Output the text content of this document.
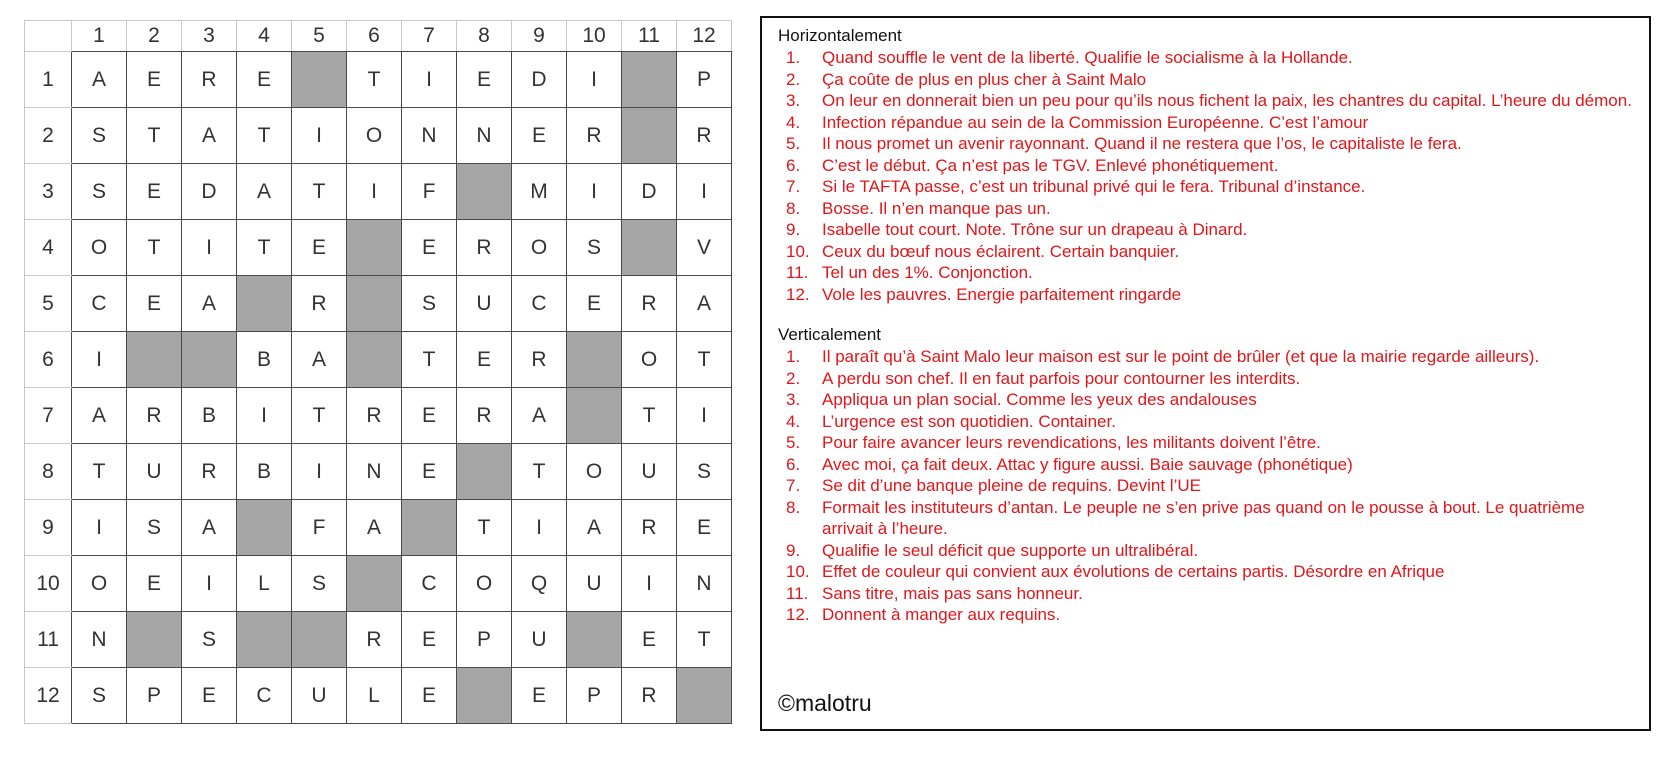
	1	2	3	4	5	6	7	8	9	10	11	12
1	A	E	R	E		T	I	E	D	I		P
2	S	T	A	T	I	O	N	N	E	R		R
3	S	E	D	A	T	I	F		M	I	D	I
4	O	T	I	T	E		E	R	O	S		V
5	C	E	A		R		S	U	C	E	R	A
6	I			B	A		T	E	R		O	T
7	A	R	B	I	T	R	E	R	A		T	I
8	T	U	R	B	I	N	E		T	O	U	S
9	I	S	A		F	A		T	I	A	R	E
10	O	E	I	L	S		C	O	Q	U	I	N
11	N		S			R	E	P	U		E	T
12	S	P	E	C	U	L	E		E	P	R	

Horizontalement

1.	Quand souffle le vent de la liberté. Qualifie le socialisme à la Hollande.
2.	Ça coûte de plus en plus cher à Saint Malo
3.	On leur en donnerait bien un peu pour qu’ils nous fichent la paix, les chantres du capital. L’heure du démon.
4.	Infection répandue au sein de la Commission Européenne. C’est l’amour
5.	Il nous promet un avenir rayonnant. Quand il ne restera que l’os, le capitaliste le fera.
6.	C’est le début. Ça n’est pas le TGV. Enlevé phonétiquement.
7.	Si le TAFTA passe, c’est un tribunal privé qui le fera. Tribunal d’instance.
8.	Bosse. Il n’en manque pas un.
9.	Isabelle tout court. Note. Trône sur un drapeau à Dinard.
10. Ceux du bœuf nous éclairent. Certain banquier.
11. Tel un des 1%. Conjonction.
12. Vole les pauvres. Energie parfaitement ringarde

Verticalement

1.	Il paraît qu’à Saint Malo leur maison est sur le point de brûler (et que la mairie regarde ailleurs).
2.	A perdu son chef. Il en faut parfois pour contourner les interdits.
3.	Appliqua un plan social. Comme les yeux des andalouses
4.	L’urgence est son quotidien. Container.
5.	Pour faire avancer leurs revendications, les militants doivent l’être.
6.	Avec moi, ça fait deux. Attac y figure aussi. Baie sauvage (phonétique)
7.	Se dit d’une banque pleine de requins. Devint l’UE
8.	Formait les instituteurs d’antan. Le peuple ne s’en prive pas quand on le pousse à bout. Le quatrième arrivait à l’heure.
9.	Qualifie le seul déficit que supporte un ultralibéral.
10. Effet de couleur qui convient aux évolutions de certains partis. Désordre en Afrique
11. Sans titre, mais pas sans honneur.
12. Donnent à manger aux requins.
©malotru
